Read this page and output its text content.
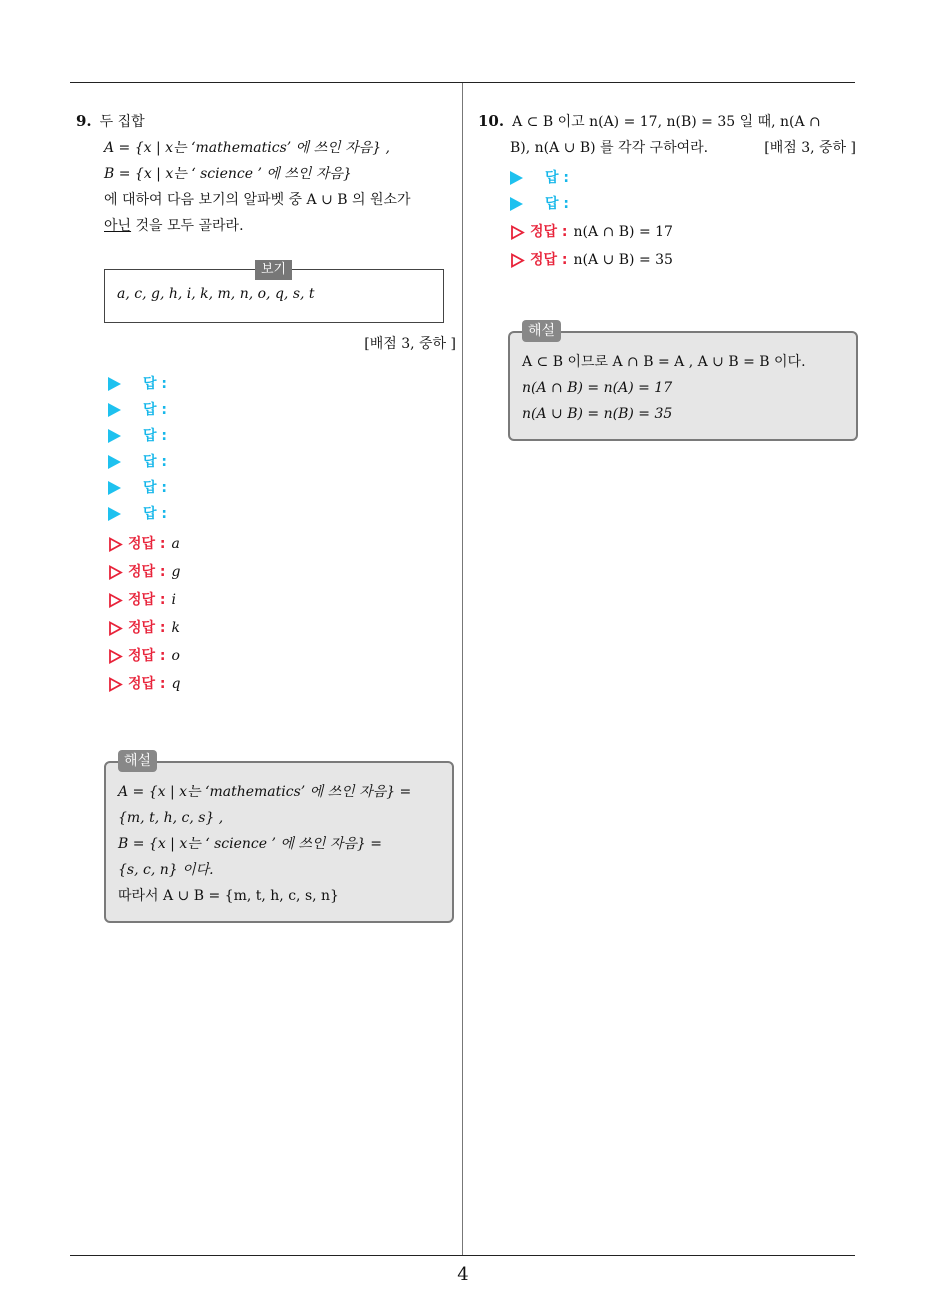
4
9. 두 집합
A = {x | x는 ‘mathematics’ 에 쓰인 자음} ,
B = {x | x는 ‘ science ’ 에 쓰인 자음}
에 대하여 다음 보기의 알파벳 중 A ∪ B 의 원소가
아닌 것을 모두 골라라.
보기
a, c, g, h, i, k, m, n, o, q, s, t
[배점 3, 중하 ]
답 :
답 :
답 :
답 :
답 :
답 :
정답 : a
정답 : g
정답 : i
정답 : k
정답 : o
정답 : q
해설
A = {x | x는 ‘mathematics’ 에 쓰인 자음} =
{m, t, h, c, s} ,
B = {x | x는 ‘ science ’ 에 쓰인 자음} =
{s, c, n} 이다.
따라서 A ∪ B = {m, t, h, c, s, n}
10. A ⊂ B 이고 n(A) = 17, n(B) = 35 일 때, n(A ∩
B), n(A ∪ B) 를 각각 구하여라.	[배점 3, 중하 ]
답 :
답 :
정답 : n(A ∩ B) = 17
정답 : n(A ∪ B) = 35
해설
A ⊂ B 이므로 A ∩ B = A , A ∪ B = B 이다.
n(A ∩ B) = n(A) = 17
n(A ∪ B) = n(B) = 35
